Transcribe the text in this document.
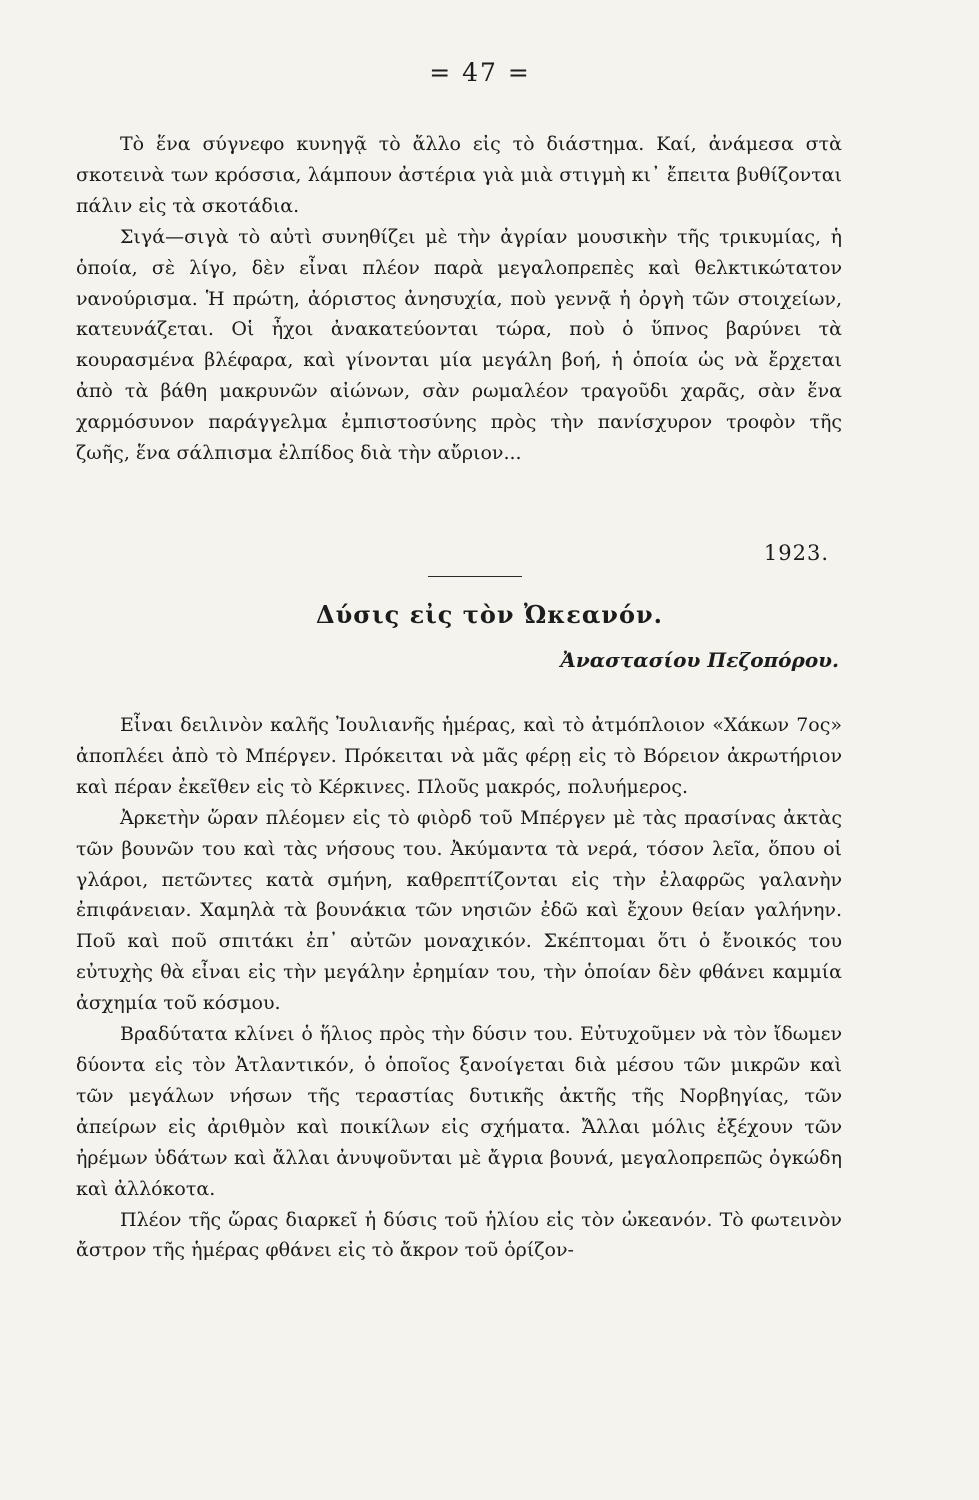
= 47 =

Τὸ ἕνα σύγνεφο κυνηγᾷ τὸ ἄλλο εἰς τὸ διάστημα. Καί, ἀνάμεσα στὰ σκοτεινὰ των κρόσσια, λάμπουν ἀστέρια γιὰ μιὰ στιγμὴ κι᾿ ἔπειτα βυθίζονται πάλιν εἰς τὰ σκοτάδια.

Σιγά—σιγὰ τὸ αὐτὶ συνηθίζει μὲ τὴν ἀγρίαν μουσικὴν τῆς τρικυμίας, ἡ ὁποία, σὲ λίγο, δὲν εἶναι πλέον παρὰ μεγαλοπρεπὲς καὶ θελκτικώτατον νανούρισμα. Ἡ πρώτη, ἀόριστος ἀνησυχία, ποὺ γεννᾷ ἡ ὀργὴ τῶν στοιχείων, κατευνάζεται. Οἱ ἦχοι ἀνακατεύονται τώρα, ποὺ ὁ ὕπνος βαρύνει τὰ κουρασμένα βλέφαρα, καὶ γίνονται μία μεγάλη βοή, ἡ ὁποία ὡς νὰ ἔρχεται ἀπὸ τὰ βάθη μακρυνῶν αἰώνων, σὰν ρωμαλέον τραγοῦδι χαρᾶς, σὰν ἕνα χαρμόσυνον παράγγελμα ἐμπιστοσύνης πρὸς τὴν πανίσχυρον τροφὸν τῆς ζωῆς, ἕνα σάλπισμα ἐλπίδος διὰ τὴν αὔριον...

1923.
Δύσις εἰς τὸν Ὠκεανόν.
Ἀναστασίου Πεζοπόρου.

Εἶναι δειλινὸν καλῆς Ἰουλιανῆς ἡμέρας, καὶ τὸ ἀτμόπλοιον «Χάκων 7ος» ἀποπλέει ἀπὸ τὸ Μπέργεν. Πρόκειται νὰ μᾶς φέρῃ εἰς τὸ Βόρειον ἀκρωτήριον καὶ πέραν ἐκεῖθεν εἰς τὸ Κέρκινες. Πλοῦς μακρός, πολυήμερος.

Ἀρκετὴν ὥραν πλέομεν εἰς τὸ φιὸρδ τοῦ Μπέργεν μὲ τὰς πρασίνας ἀκτὰς τῶν βουνῶν του καὶ τὰς νήσους του. Ἀκύμαντα τὰ νερά, τόσον λεῖα, ὅπου οἱ γλάροι, πετῶντες κατὰ σμήνη, καθρεπτίζονται εἰς τὴν ἐλαφρῶς γαλανὴν ἐπιφάνειαν. Χαμηλὰ τὰ βουνάκια τῶν νησιῶν ἐδῶ καὶ ἔχουν θείαν γαλήνην. Ποῦ καὶ ποῦ σπιτάκι ἐπ᾿ αὐτῶν μοναχικόν. Σκέπτομαι ὅτι ὁ ἔνοικός του εὐτυχὴς θὰ εἶναι εἰς τὴν μεγάλην ἐρημίαν του, τὴν ὁποίαν δὲν φθάνει καμμία ἀσχημία τοῦ κόσμου.

Βραδύτατα κλίνει ὁ ἥλιος πρὸς τὴν δύσιν του. Εὐτυχοῦμεν νὰ τὸν ἴδωμεν δύοντα εἰς τὸν Ἀτλαντικόν, ὁ ὁποῖος ξανοίγεται διὰ μέσου τῶν μικρῶν καὶ τῶν μεγάλων νήσων τῆς τεραστίας δυτικῆς ἀκτῆς τῆς Νορβηγίας, τῶν ἀπείρων εἰς ἀριθμὸν καὶ ποικίλων εἰς σχήματα. Ἄλλαι μόλις ἐξέχουν τῶν ἠρέμων ὑδάτων καὶ ἄλλαι ἀνυψοῦνται μὲ ἄγρια βουνά, μεγαλοπρεπῶς ὀγκώδη καὶ ἀλλόκοτα.

Πλέον τῆς ὥρας διαρκεῖ ἡ δύσις τοῦ ἡλίου εἰς τὸν ὠκεανόν. Τὸ φωτεινὸν ἄστρον τῆς ἡμέρας φθάνει εἰς τὸ ἄκρον τοῦ ὁρίζον-
